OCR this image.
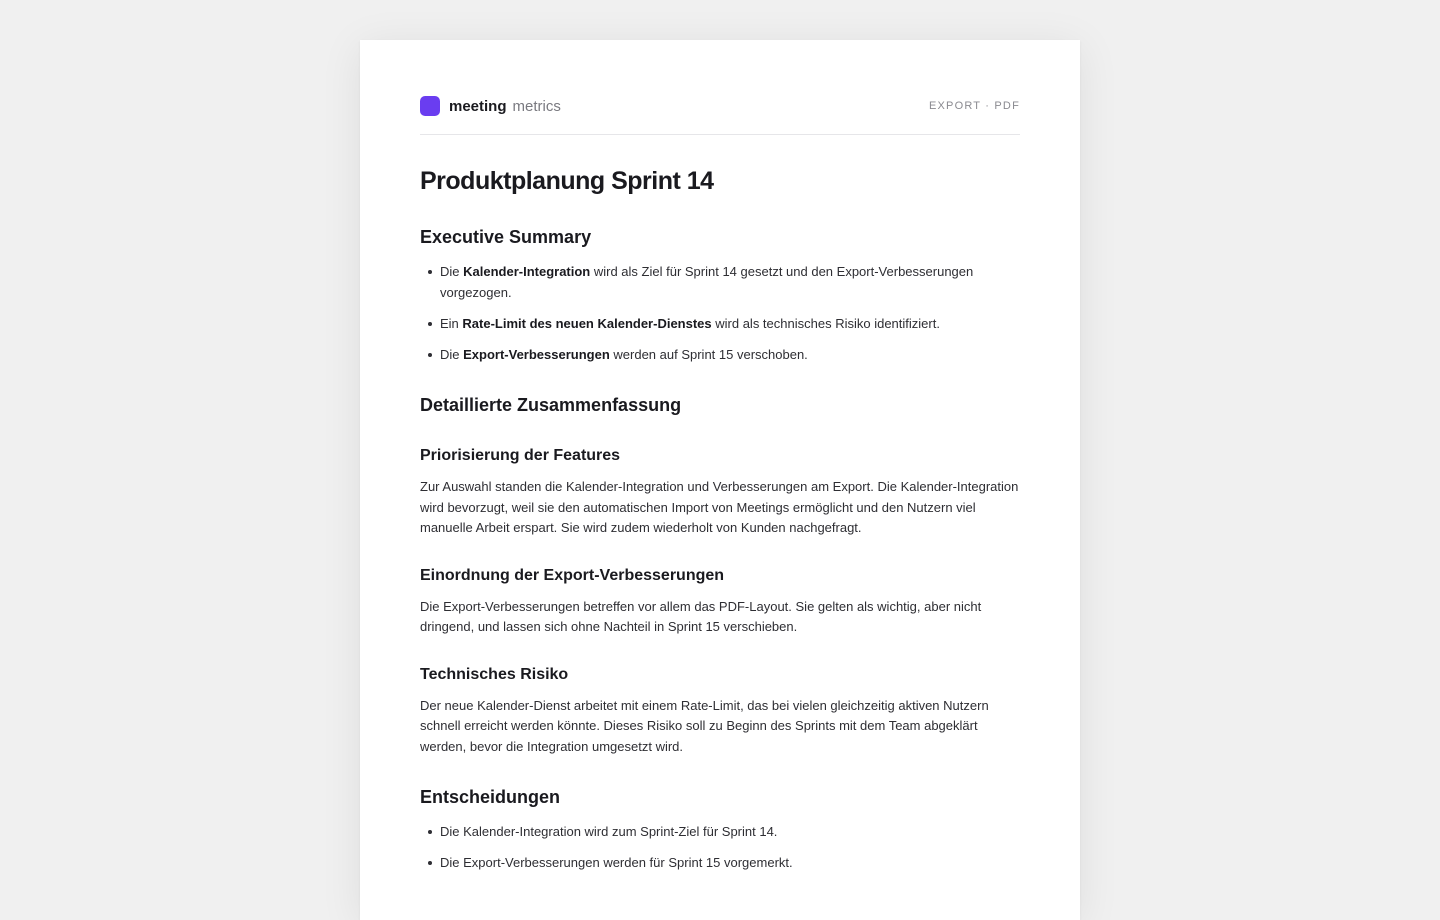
meeting metrics	EXPORT · PDF
Produktplanung Sprint 14
Executive Summary
Die Kalender-Integration wird als Ziel für Sprint 14 gesetzt und den Export-Verbesserungen vorgezogen.
Ein Rate-Limit des neuen Kalender-Dienstes wird als technisches Risiko identifiziert.
Die Export-Verbesserungen werden auf Sprint 15 verschoben.
Detaillierte Zusammenfassung
Priorisierung der Features

Zur Auswahl standen die Kalender-Integration und Verbesserungen am Export. Die Kalender-Integration wird bevorzugt, weil sie den automatischen Import von Meetings ermöglicht und den Nutzern viel manuelle Arbeit erspart. Sie wird zudem wiederholt von Kunden nachgefragt.

Einordnung der Export-Verbesserungen

Die Export-Verbesserungen betreffen vor allem das PDF-Layout. Sie gelten als wichtig, aber nicht dringend, und lassen sich ohne Nachteil in Sprint 15 verschieben.

Technisches Risiko

Der neue Kalender-Dienst arbeitet mit einem Rate-Limit, das bei vielen gleichzeitig aktiven Nutzern schnell erreicht werden könnte. Dieses Risiko soll zu Beginn des Sprints mit dem Team abgeklärt werden, bevor die Integration umgesetzt wird.

Entscheidungen
Die Kalender-Integration wird zum Sprint-Ziel für Sprint 14.
Die Export-Verbesserungen werden für Sprint 15 vorgemerkt.
